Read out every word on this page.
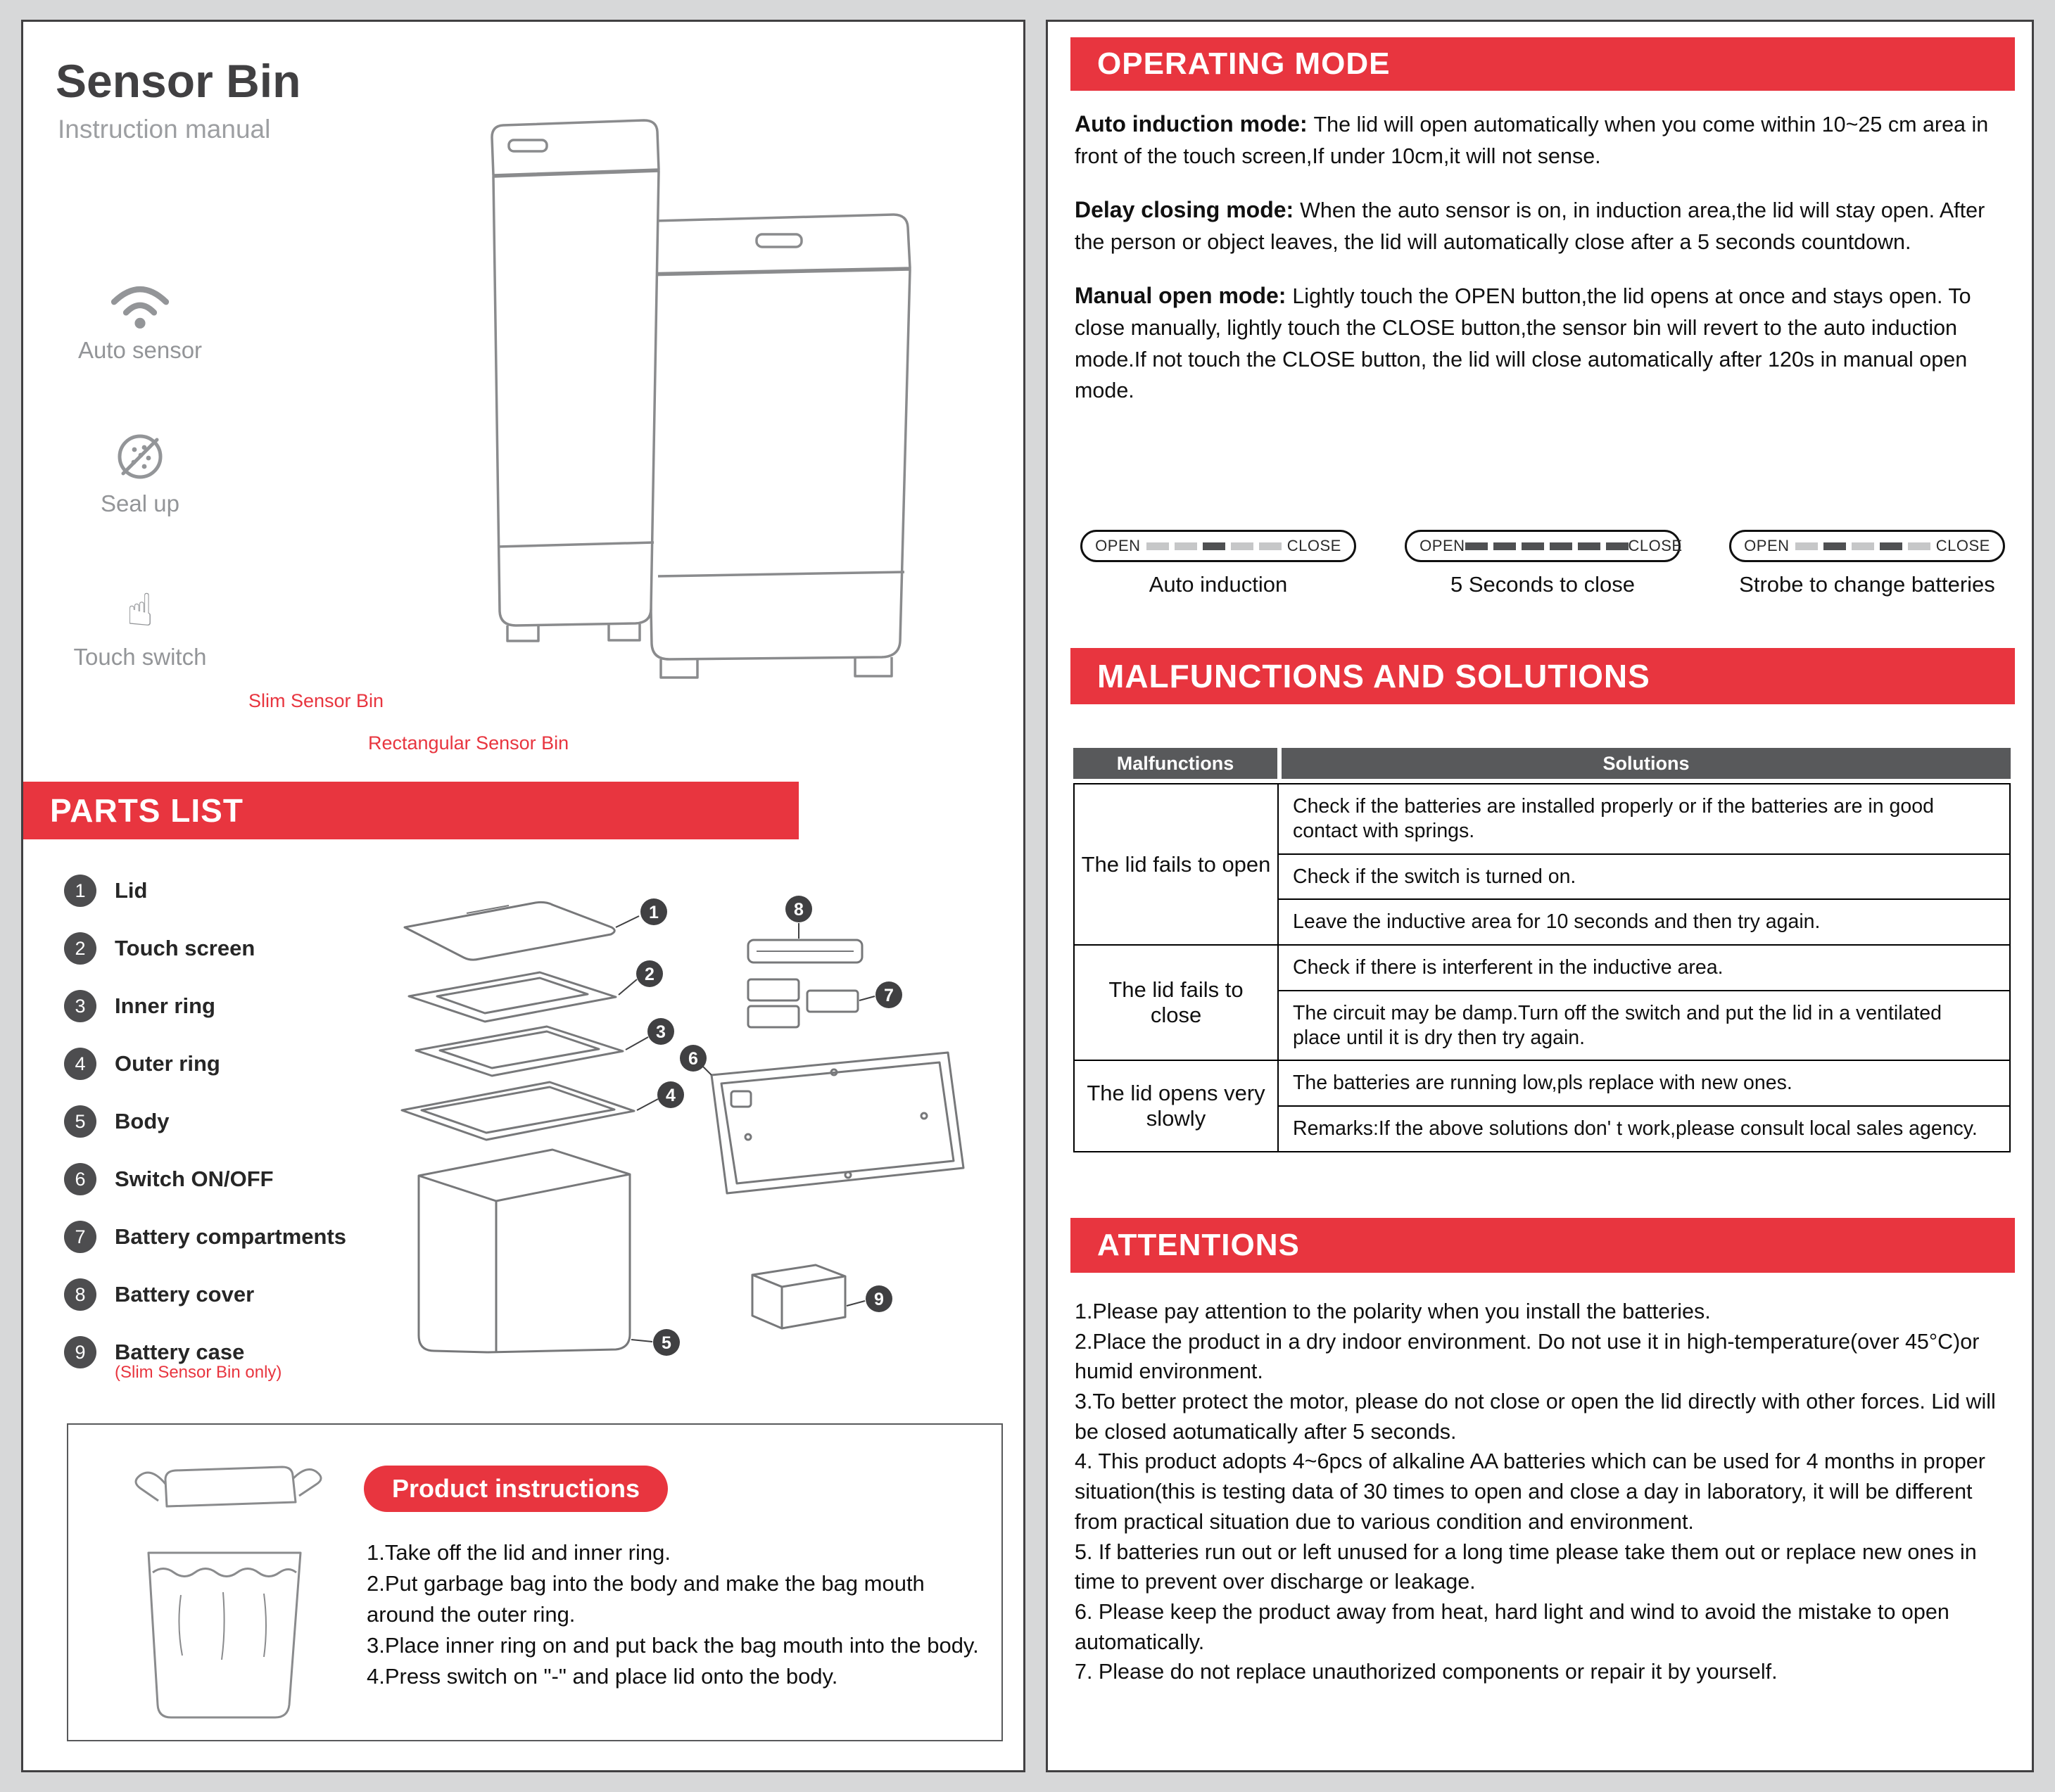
Sensor Bin
Instruction manual
Auto sensor
Seal up
☝
Touch switch
Slim Sensor Bin
Rectangular Sensor Bin
PARTS LIST
1	Lid
2	Touch screen
3	Inner ring
4	Outer ring
5	Body
6	Switch ON/OFF
7	Battery compartments
8	Battery cover
9	Battery case
(Slim Sensor Bin only)
1
2
3
4
5
6
7
8
9
Product instructions
1.Take off the lid and inner ring.
2.Put garbage bag into the body and make the bag mouth around the outer ring.
3.Place inner ring on and put back the bag mouth into the body.
4.Press switch on "-" and place lid onto the body.
OPERATING MODE

Auto induction mode: The lid will open automatically when you come within 10~25 cm area in front of the touch screen,If under 10cm,it will not sense.

Delay closing mode: When the auto sensor is on, in induction area,the lid will stay open. After the person or object leaves, the lid will automatically close after a 5 seconds countdown.

Manual open mode: Lightly touch the OPEN button,the lid opens at once and stays open. To close manually, lightly touch the CLOSE button,the sensor bin will revert to the auto induction mode.If not touch the CLOSE button, the lid will close automatically after 120s in manual open mode.

OPEN	CLOSE
Auto induction
OPEN	CLOSE
5 Seconds to close
OPEN	CLOSE
Strobe to change batteries
MALFUNCTIONS AND SOLUTIONS
Malfunctions	Solutions
The lid fails to open	Check if the batteries are installed properly or if the batteries are in good contact with springs.
	Check if the switch is turned on.
	Leave the inductive area for 10 seconds and then try again.
The lid fails to close	Check if there is interferent in the inductive area.
	The circuit may be damp.Turn off the switch and put the lid in a ventilated place until it is dry then try again.
The lid opens very slowly	The batteries are running low,pls replace with new ones.
	Remarks:If the above solutions don' t work,please consult local sales agency.
ATTENTIONS
1.Please pay attention to the polarity when you install the batteries.
2.Place the product in a dry indoor environment. Do not use it in high-temperature(over 45°C)or humid environment.
3.To better protect the motor, please do not close or open the lid directly with other forces. Lid will be closed aotumatically after 5 seconds.
4. This product adopts 4~6pcs of alkaline AA batteries which can be used for 4 months in proper situation(this is testing data of 30 times to open and close a day in laboratory, it will be different from practical situation due to various condition and environment.
5. If batteries run out or left unused for a long time please take them out or replace new ones in time to prevent over discharge or leakage.
6. Please keep the product away from heat, hard light and wind to avoid the mistake to open automatically.
7. Please do not replace unauthorized components or repair it by yourself.
